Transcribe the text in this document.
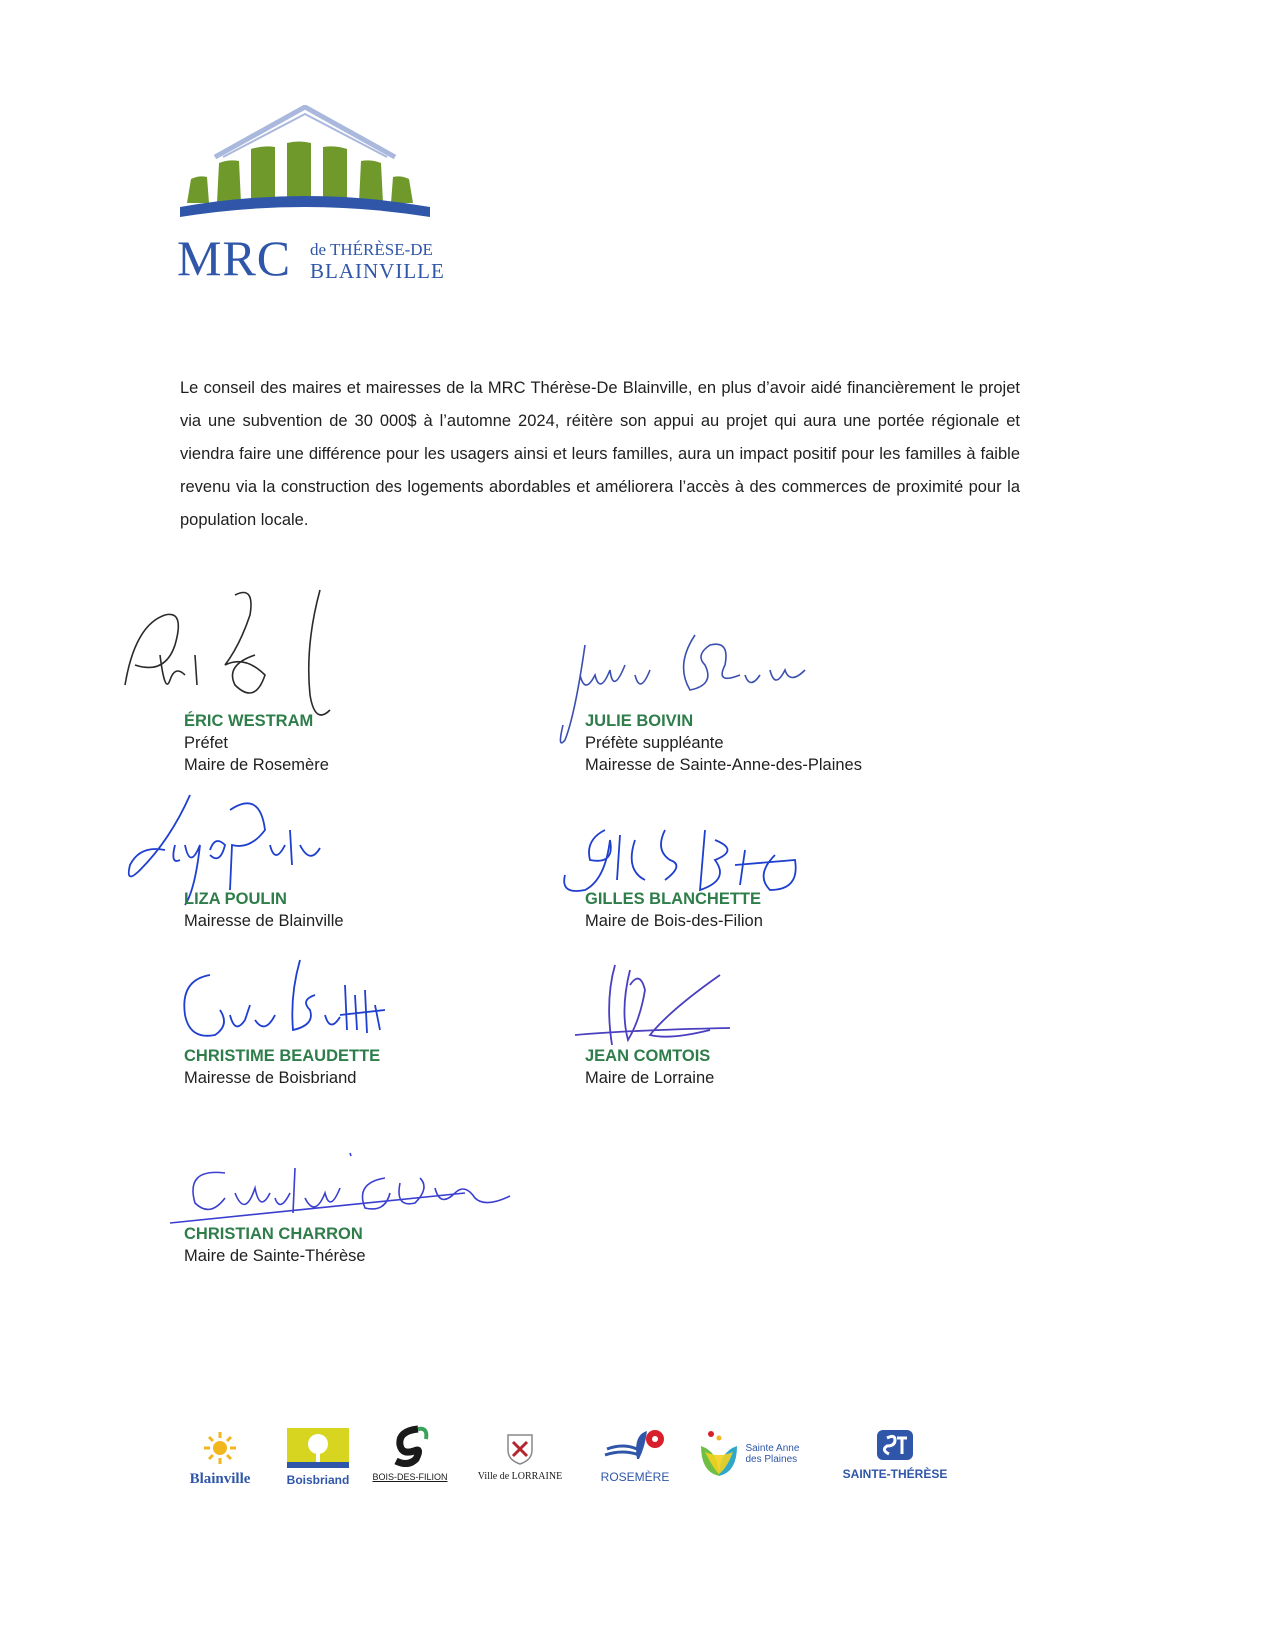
MRC de THÉRÈSE-DE
BLAINVILLE

Le conseil des maires et mairesses de la MRC Thérèse-De Blainville, en plus d’avoir aidé financièrement le projet via une subvention de 30 000$ à l’automne 2024, réitère son appui au projet qui aura une portée régionale et viendra faire une différence pour les usagers ainsi et leurs familles, aura un impact positif pour les familles à faible revenu via la construction des logements abordables et améliorera l’accès à des commerces de proximité pour la population locale.

ÉRIC WESTRAM
Préfet
Maire de Rosemère
JULIE BOIVIN
Préfète suppléante
Mairesse de Sainte-Anne-des-Plaines
LIZA POULIN
Mairesse de Blainville
GILLES BLANCHETTE
Maire de Bois-des-Filion
CHRISTIME BEAUDETTE
Mairesse de Boisbriand
JEAN COMTOIS
Maire de Lorraine
CHRISTIAN CHARRON
Maire de Sainte-Thérèse
Blainville	Boisbriand	BOIS-DES-FILION	Ville de LORRAINE	ROSEMÈRE
Sainte Anne des Plaines
SAINTE-THÉRÈSE
